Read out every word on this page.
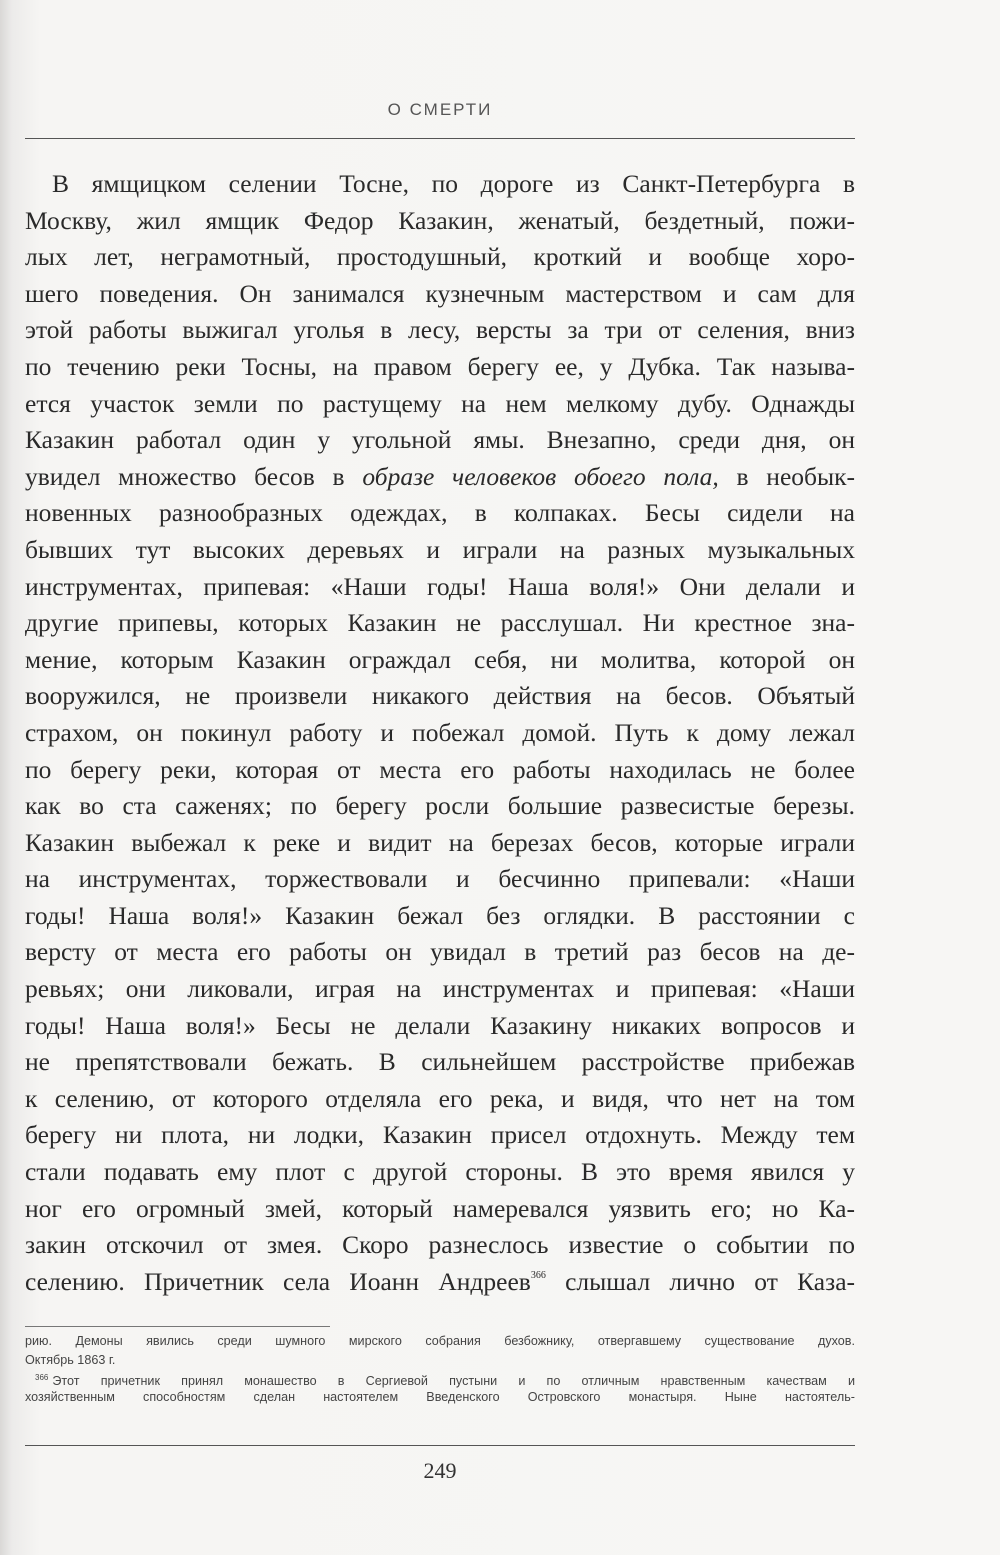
О СМЕРТИ
В ямщицком селении Тосне, по дороге из Санкт-Петербурга в
Москву, жил ямщик Федор Казакин, женатый, бездетный, пожи-
лых лет, неграмотный, простодушный, кроткий и вообще хоро-
шего поведения. Он занимался кузнечным мастерством и сам для
этой работы выжигал уголья в лесу, версты за три от селения, вниз
по течению реки Тосны, на правом берегу ее, у Дубка. Так называ-
ется участок земли по растущему на нем мелкому дубу. Однажды
Казакин работал один у угольной ямы. Внезапно, среди дня, он
увидел множество бесов в образе человеков обоего пола, в необык-
новенных разнообразных одеждах, в колпаках. Бесы сидели на
бывших тут высоких деревьях и играли на разных музыкальных
инструментах, припевая: «Наши годы! Наша воля!» Они делали и
другие припевы, которых Казакин не расслушал. Ни крестное зна-
мение, которым Казакин ограждал себя, ни молитва, которой он
вооружился, не произвели никакого действия на бесов. Объятый
страхом, он покинул работу и побежал домой. Путь к дому лежал
по берегу реки, которая от места его работы находилась не более
как во ста саженях; по берегу росли большие развесистые березы.
Казакин выбежал к реке и видит на березах бесов, которые играли
на инструментах, торжествовали и бесчинно припевали: «Наши
годы! Наша воля!» Казакин бежал без оглядки. В расстоянии с
версту от места его работы он увидал в третий раз бесов на де-
ревьях; они ликовали, играя на инструментах и припевая: «Наши
годы! Наша воля!» Бесы не делали Казакину никаких вопросов и
не препятствовали бежать. В сильнейшем расстройстве прибежав
к селению, от которого отделяла его река, и видя, что нет на том
берегу ни плота, ни лодки, Казакин присел отдохнуть. Между тем
стали подавать ему плот с другой стороны. В это время явился у
ног его огромный змей, который намеревался уязвить его; но Ка-
закин отскочил от змея. Скоро разнеслось известие о событии по
селению. Причетник села Иоанн Андреев$^{366}$ слышал лично от Каза-
рию. Демоны явились среди шумного мирского собрания безбожнику, отвергавшему существование духов.
Октябрь 1863 г.
$^{366}$ Этот причетник принял монашество в Сергиевой пустыни и по отличным нравственным качествам и
хозяйственным способностям сделан настоятелем Введенского Островского монастыря. Ныне настоятель-
249
